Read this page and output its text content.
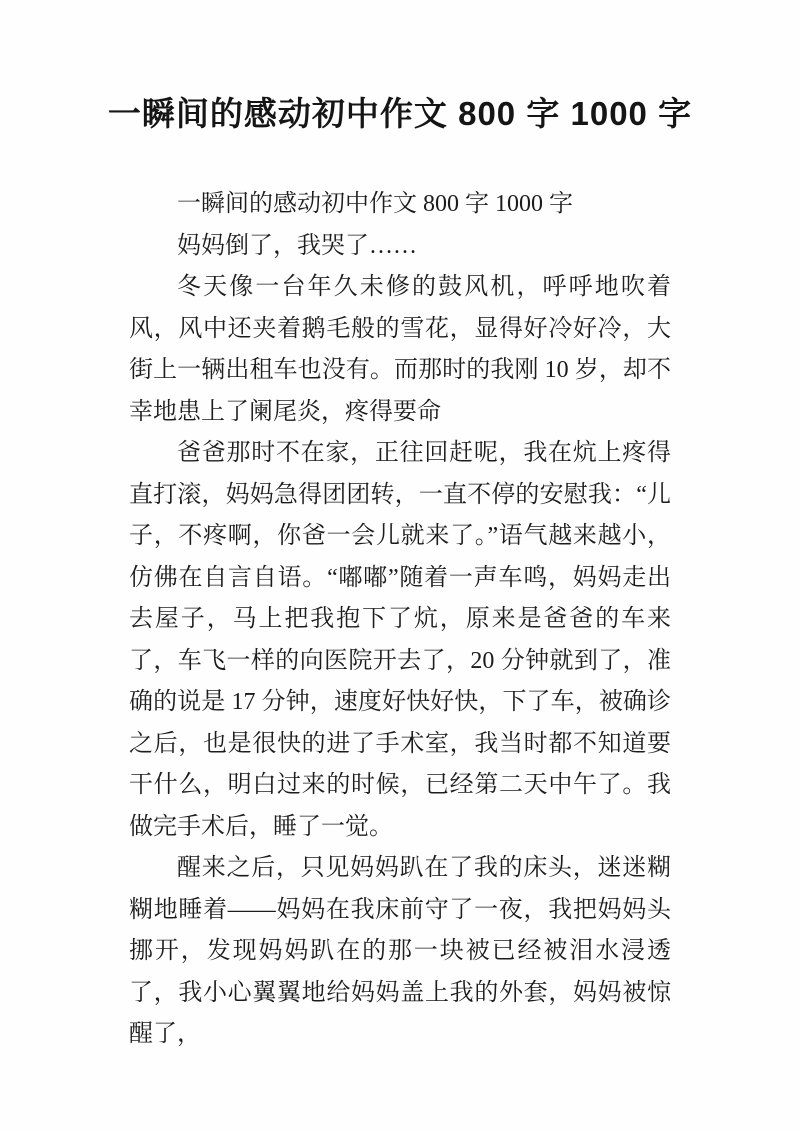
一瞬间的感动初中作文 800 字 1000 字

一瞬间的感动初中作文 800 字 1000 字

妈妈倒了，我哭了……

冬天像一台年久未修的鼓风机，呼呼地吹着风，风中还夹着鹅毛般的雪花，显得好冷好冷，大街上一辆出租车也没有。而那时的我刚 10 岁，却不幸地患上了阑尾炎，疼得要命

爸爸那时不在家，正往回赶呢，我在炕上疼得直打滚，妈妈急得团团转，一直不停的安慰我：“儿子，不疼啊，你爸一会儿就来了。”语气越来越小，仿佛在自言自语。“嘟嘟”随着一声车鸣，妈妈走出去屋子，马上把我抱下了炕，原来是爸爸的车来了，车飞一样的向医院开去了，20 分钟就到了，准确的说是 17 分钟，速度好快好快，下了车，被确诊之后，也是很快的进了手术室，我当时都不知道要干什么，明白过来的时候，已经第二天中午了。我做完手术后，睡了一觉。

醒来之后，只见妈妈趴在了我的床头，迷迷糊糊地睡着——妈妈在我床前守了一夜，我把妈妈头挪开，发现妈妈趴在的那一块被已经被泪水浸透了，我小心翼翼地给妈妈盖上我的外套，妈妈被惊醒了，
